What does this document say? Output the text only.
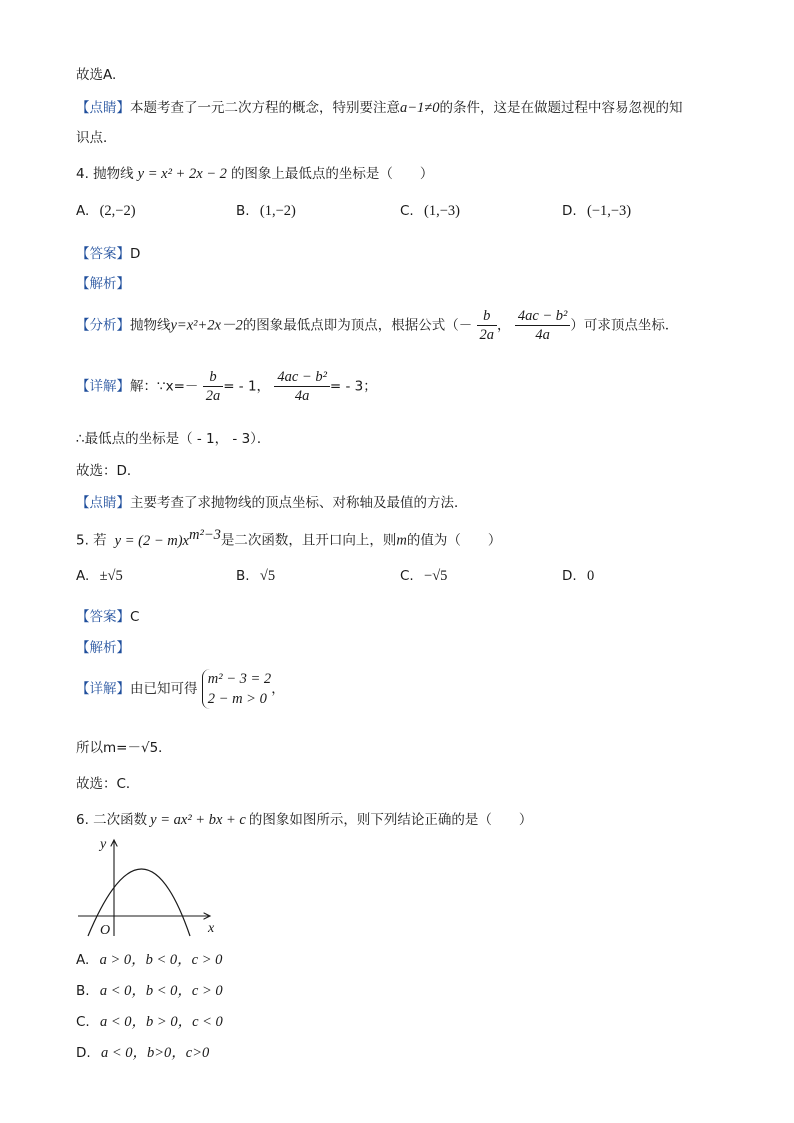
故选A.
【点睛】本题考查了一元二次方程的概念，特别要注意a−1≠0的条件，这是在做题过程中容易忽视的知
识点．
4. 抛物线 y = x² + 2x − 2 的图象上最低点的坐标是（　　）
A. (2,−2)	B. (1,−2)	C. (1,−3)	D. (−1,−3)
【答案】D
【解析】
【分析】抛物线y=x²+2x－2的图象最低点即为顶点，根据公式（－ $\frac{b}{2a}$ ， $\frac{\text{4ac − b²}}{4a}$ ）可求顶点坐标．
【详解】解：∵x=－ $\frac{b}{2a}$ = - 1， $\frac{\text{4ac − b²}}{4a}$ = - 3；
∴最低点的坐标是（ - 1， - 3）．
故选：D．
【点睛】主要考查了求抛物线的顶点坐标、对称轴及最值的方法．
5. 若 $y = (2 - m)x^{m^2-3}$是二次函数，且开口向上，则m的值为（　　）
A. ±√5	B. √5	C. −√5	D. 0
【答案】C
【解析】
【详解】由已知可得
m² − 3 = 2
2 − m > 0
，
所以m=－√5．
故选：C．
6. 二次函数 y = ax² + bx + c 的图象如图所示，则下列结论正确的是（　　）
y
x
O
A. a > 0，b < 0，c > 0
B. a < 0，b < 0，c > 0
C. a < 0，b > 0，c < 0
D. a < 0，b>0，c>0
